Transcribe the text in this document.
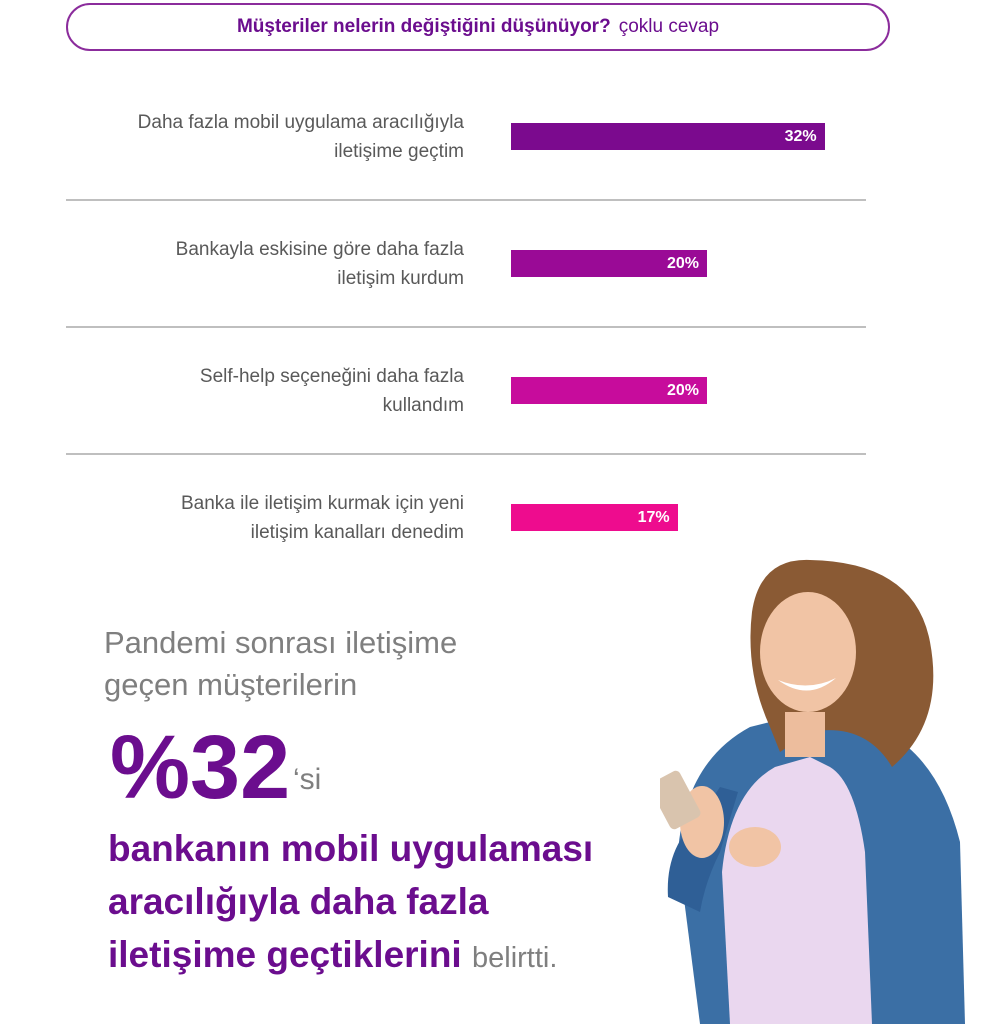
Müşteriler nelerin değiştiğini düşünüyor? çoklu cevap
Daha fazla mobil uygulama aracılığıyla
iletişime geçtim
32%
Bankayla eskisine göre daha fazla
iletişim kurdum
20%
Self-help seçeneğini daha fazla
kullandım
20%
Banka ile iletişim kurmak için yeni
iletişim kanalları denedim
17%
Pandemi sonrası iletişime
geçen müşterilerin
%32 ‘si
bankanın mobil uygulaması
aracılığıyla daha fazla
iletişime geçtiklerini belirtti.
